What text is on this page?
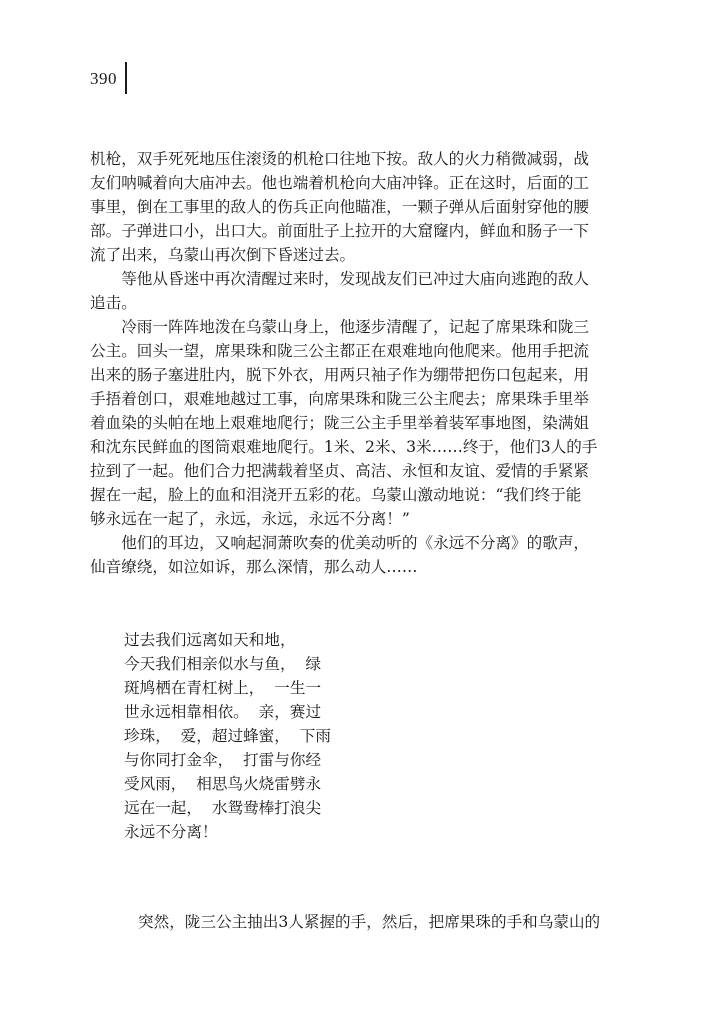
390
机枪，双手死死地压住滚烫的机枪口往地下按。敌人的火力稍微减弱，战
友们呐喊着向大庙冲去。他也端着机枪向大庙冲锋。正在这时，后面的工
事里，倒在工事里的敌人的伤兵正向他瞄准，一颗子弹从后面射穿他的腰
部。子弹进口小，出口大。前面肚子上拉开的大窟窿内，鲜血和肠子一下
流了出来，乌蒙山再次倒下昏迷过去。
　　等他从昏迷中再次清醒过来时，发现战友们已冲过大庙向逃跑的敌人
追击。
　　冷雨一阵阵地泼在乌蒙山身上，他逐步清醒了，记起了席果珠和陇三
公主。回头一望，席果珠和陇三公主都正在艰难地向他爬来。他用手把流
出来的肠子塞进肚内，脱下外衣，用两只袖子作为绷带把伤口包起来，用
手捂着创口，艰难地越过工事，向席果珠和陇三公主爬去；席果珠手里举
着血染的头帕在地上艰难地爬行；陇三公主手里举着装军事地图，染满姐
和沈东民鲜血的图筒艰难地爬行。1米、2米、3米……终于，他们3人的手
拉到了一起。他们合力把满载着坚贞、高洁、永恒和友谊、爱情的手紧紧
握在一起，脸上的血和泪浇开五彩的花。乌蒙山激动地说：“我们终于能
够永远在一起了，永远，永远，永远不分离！”
　　他们的耳边，又响起洞萧吹奏的优美动听的《永远不分离》的歌声，
仙音缭绕，如泣如诉，那么深情，那么动人……
过去我们远离如天和地，
今天我们相亲似水与鱼，  绿
斑鸠栖在青杠树上，  一生一
世永远相靠相依。  亲，赛过
珍珠，  爱，超过蜂蜜，  下雨
与你同打金伞，  打雷与你经
受风雨，  相思鸟火烧雷劈永
远在一起，  水鸳鸯棒打浪尖
永远不分离！
突然，陇三公主抽出3人紧握的手，然后，把席果珠的手和乌蒙山的
